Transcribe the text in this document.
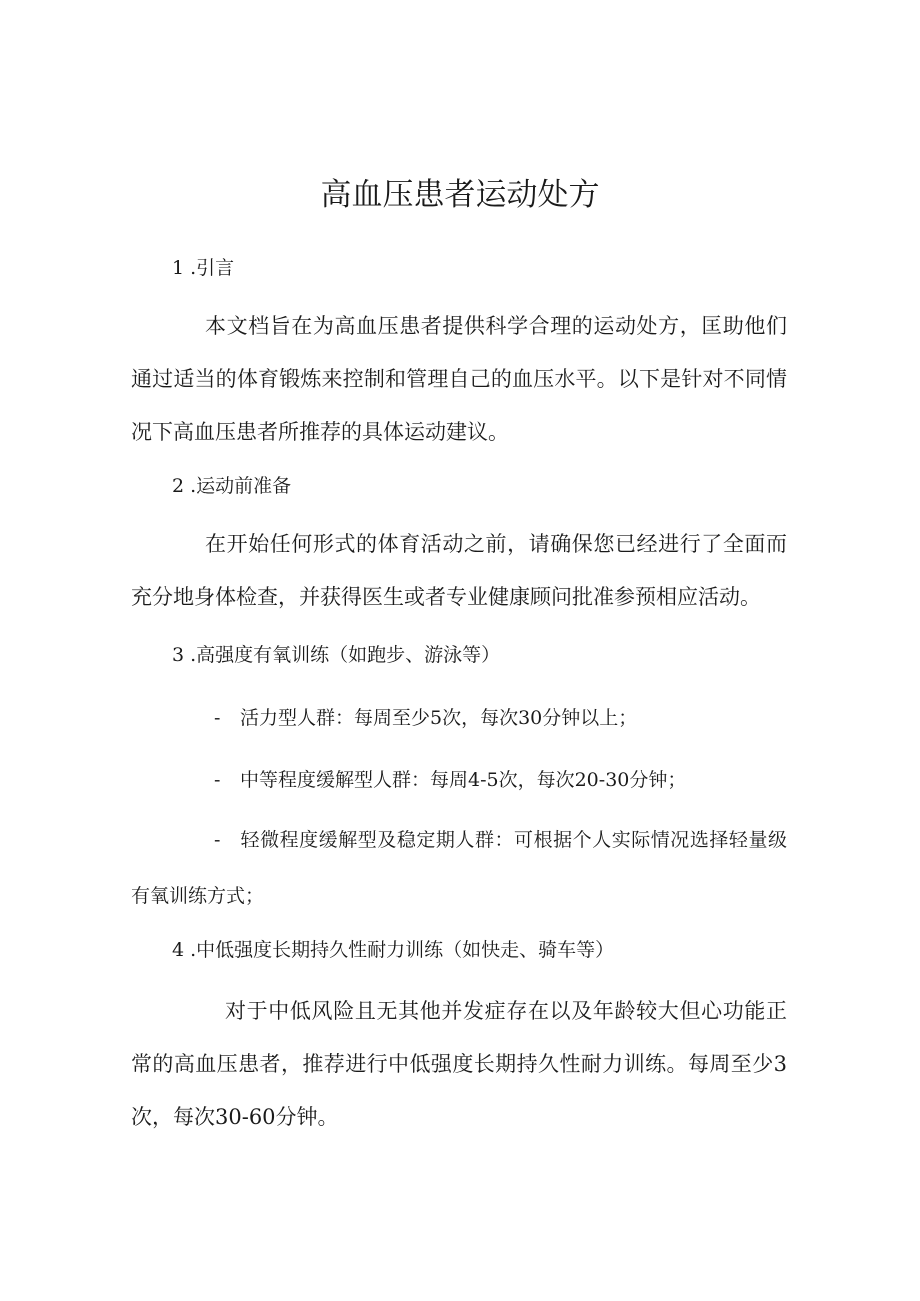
高血压患者运动处方

1 .引言

本文档旨在为高血压患者提供科学合理的运动处方，匡助他们通过适当的体育锻炼来控制和管理自己的血压水平。以下是针对不同情况下高血压患者所推荐的具体运动建议。

2 .运动前准备

在开始任何形式的体育活动之前，请确保您已经进行了全面而充分地身体检查，并获得医生或者专业健康顾问批准参预相应活动。

3 .高强度有氧训练（如跑步、游泳等）

- 活力型人群：每周至少5次，每次30分钟以上；

- 中等程度缓解型人群：每周4-5次，每次20-30分钟；

- 轻微程度缓解型及稳定期人群：可根据个人实际情况选择轻量级有氧训练方式；

4 .中低强度长期持久性耐力训练（如快走、骑车等）

对于中低风险且无其他并发症存在以及年龄较大但心功能正常的高血压患者，推荐进行中低强度长期持久性耐力训练。每周至少3次，每次30-60分钟。
